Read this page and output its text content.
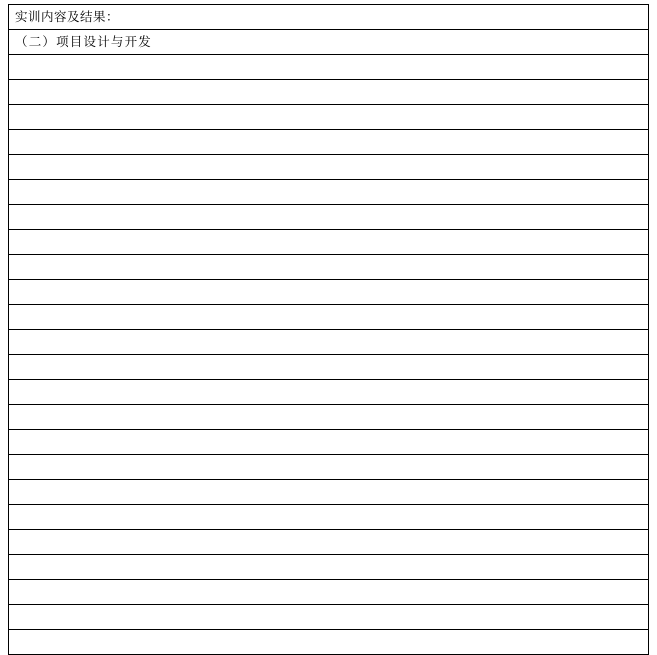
实训内容及结果：
（二）项目设计与开发
